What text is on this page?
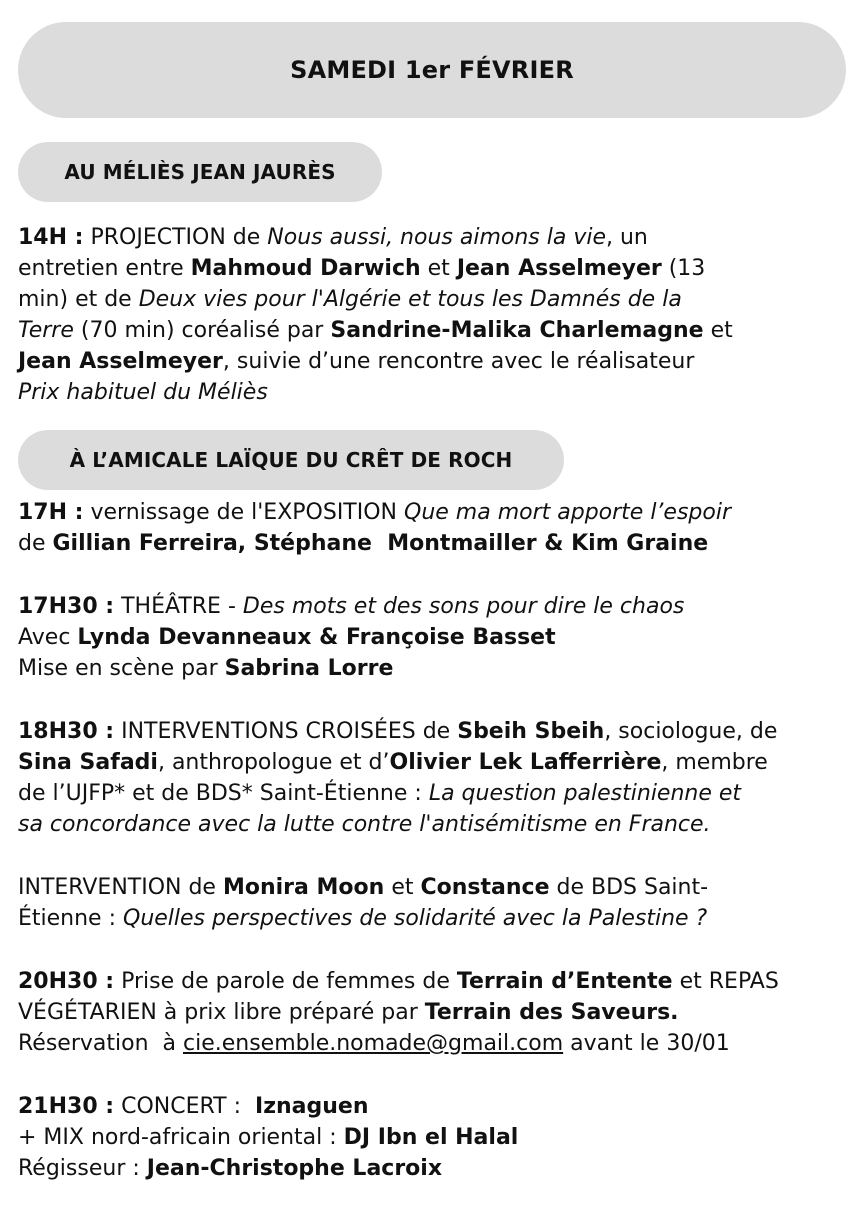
SAMEDI 1er FÉVRIER
AU MÉLIÈS JEAN JAURÈS
14H : PROJECTION de Nous aussi, nous aimons la vie, un
entretien entre Mahmoud Darwich et Jean Asselmeyer (13
min) et de Deux vies pour l'Algérie et tous les Damnés de la
Terre (70 min) coréalisé par Sandrine-Malika Charlemagne et
Jean Asselmeyer, suivie d’une rencontre avec le réalisateur
Prix habituel du Méliès
À L’AMICALE LAÏQUE DU CRÊT DE ROCH
17H : vernissage de l'EXPOSITION Que ma mort apporte l’espoir
de Gillian Ferreira, Stéphane  Montmailler & Kim Graine
17H30 : THÉÂTRE - Des mots et des sons pour dire le chaos
Avec Lynda Devanneaux & Françoise Basset
Mise en scène par Sabrina Lorre
18H30 : INTERVENTIONS CROISÉES de Sbeih Sbeih, sociologue, de
Sina Safadi, anthropologue et d’Olivier Lek Lafferrière, membre
de l’UJFP* et de BDS* Saint-Étienne : La question palestinienne et
sa concordance avec la lutte contre l'antisémitisme en France.
INTERVENTION de Monira Moon et Constance de BDS Saint-
Étienne : Quelles perspectives de solidarité avec la Palestine ?
20H30 : Prise de parole de femmes de Terrain d’Entente et REPAS
VÉGÉTARIEN à prix libre préparé par Terrain des Saveurs.
Réservation  à cie.ensemble.nomade@gmail.com avant le 30/01
21H30 : CONCERT :  Iznaguen
+ MIX nord-africain oriental : DJ Ibn el Halal
Régisseur : Jean-Christophe Lacroix
